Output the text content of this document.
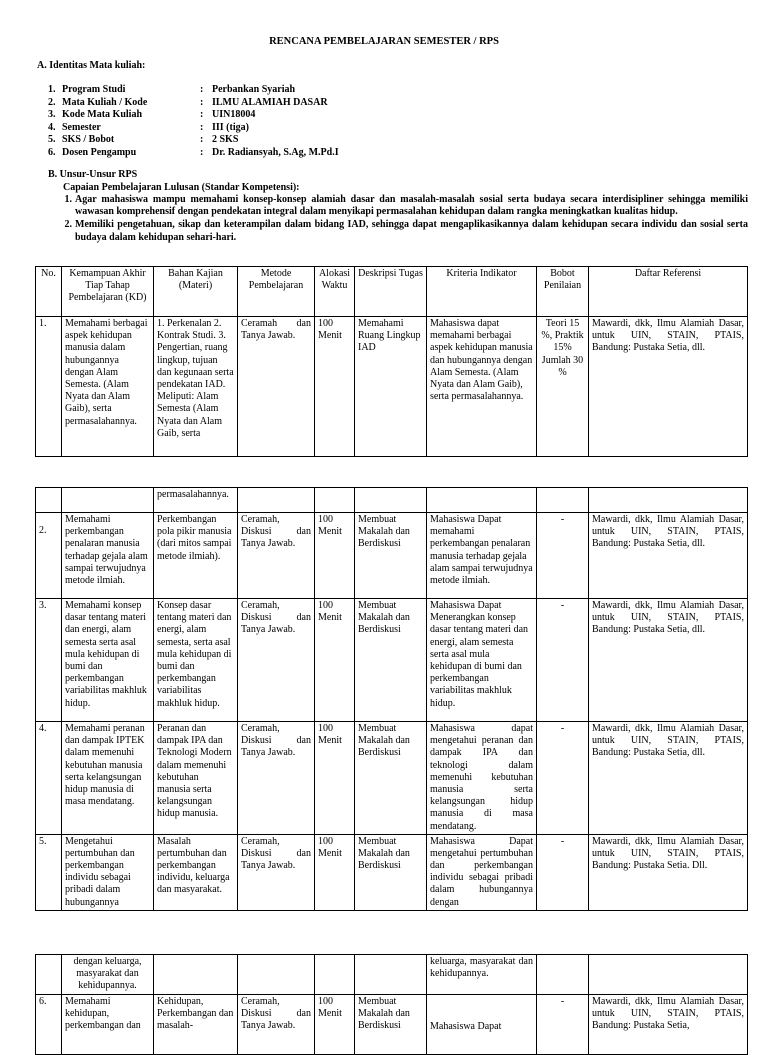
RENCANA PEMBELAJARAN SEMESTER / RPS
A. Identitas Mata kuliah:
1. Program Studi	: Perbankan Syariah
2. Mata Kuliah / Kode	: ILMU ALAMIAH DASAR
3. Kode Mata Kuliah	: UIN18004
4. Semester	: III (tiga)
5. SKS / Bobot	: 2 SKS
6. Dosen Pengampu	: Dr. Radiansyah, S.Ag, M.Pd.I
B. Unsur-Unsur RPS
Capaian Pembelajaran Lulusan (Standar Kompetensi):
1. Agar mahasiswa mampu memahami konsep-konsep alamiah dasar dan masalah-masalah sosial serta budaya secara interdisipliner sehingga memiliki wawasan komprehensif dengan pendekatan integral dalam menyikapi permasalahan kehidupan dalam rangka meningkatkan kualitas hidup.
2. Memiliki pengetahuan, sikap dan keterampilan dalam bidang IAD, sehingga dapat mengaplikasikannya dalam kehidupan secara individu dan sosial serta budaya dalam kehidupan sehari-hari.
No.	Kemampuan Akhir Tiap Tahap Pembelajaran (KD)	Bahan Kajian (Materi)	Metode Pembelajaran	Alokasi Waktu	Deskripsi Tugas	Kriteria Indikator	Bobot Penilaian	Daftar Referensi
1.	Memahami berbagai aspek kehidupan manusia dalam hubungannya dengan Alam Semesta. (Alam Nyata dan Alam Gaib), serta permasalahannya.	1. Perkenalan 2. Kontrak Studi. 3. Pengertian, ruang lingkup, tujuan dan kegunaan serta pendekatan IAD. Meliputi: Alam Semesta (Alam Nyata dan Alam Gaib, serta	Ceramah dan Tanya Jawab.	100 Menit	Memahami Ruang Lingkup IAD	Mahasiswa dapat memahami berbagai aspek kehidupan manusia dan hubungannya dengan Alam Semesta. (Alam Nyata dan Alam Gaib), serta permasalahannya.	Teori 15 %, Praktik 15% Jumlah 30 %	Mawardi, dkk, Ilmu Alamiah Dasar, untuk UIN, STAIN, PTAIS, Bandung: Pustaka Setia, dll.
		permasalahannya.						

2.	Memahami perkembangan penalaran manusia terhadap gejala alam sampai terwujudnya metode ilmiah.	Perkembangan pola pikir manusia (dari mitos sampai metode ilmiah).	Ceramah, Diskusi dan Tanya Jawab.	100 Menit	Membuat Makalah dan Berdiskusi	Mahasiswa Dapat memahami perkembangan penalaran manusia terhadap gejala alam sampai terwujudnya metode ilmiah.	-	Mawardi, dkk, Ilmu Alamiah Dasar, untuk UIN, STAIN, PTAIS, Bandung: Pustaka Setia, dll.
3.	Memahami konsep dasar tentang materi dan energi, alam semesta serta asal mula kehidupan di bumi dan perkembangan variabilitas makhluk hidup.	Konsep dasar tentang materi dan energi, alam semesta, serta asal mula kehidupan di bumi dan perkembangan variabilitas makhluk hidup.	Ceramah, Diskusi dan Tanya Jawab.	100 Menit	Membuat Makalah dan Berdiskusi	Mahasiswa Dapat Menerangkan konsep dasar tentang materi dan energi, alam semesta serta asal mula kehidupan di bumi dan perkembangan variabilitas makhluk hidup.	-	Mawardi, dkk, Ilmu Alamiah Dasar, untuk UIN, STAIN, PTAIS, Bandung: Pustaka Setia, dll.
4.	Memahami peranan dan dampak IPTEK dalam memenuhi kebutuhan manusia serta kelangsungan hidup manusia di masa mendatang.	Peranan dan dampak IPA dan Teknologi Modern dalam memenuhi kebutuhan manusia serta kelangsungan hidup manusia.	Ceramah, Diskusi dan Tanya Jawab.	100 Menit	Membuat Makalah dan Berdiskusi	Mahasiswa dapat mengetahui peranan dan dampak IPA dan teknologi dalam memenuhi kebutuhan manusia serta kelangsungan hidup manusia di masa mendatang.	-	Mawardi, dkk, Ilmu Alamiah Dasar, untuk UIN, STAIN, PTAIS, Bandung: Pustaka Setia, dll.
5.	Mengetahui pertumbuhan dan perkembangan individu sebagai pribadi dalam hubungannya	Masalah pertumbuhan dan perkembangan individu, keluarga dan masyarakat.	Ceramah, Diskusi dan Tanya Jawab.	100 Menit	Membuat Makalah dan Berdiskusi	Mahasiswa Dapat mengetahui pertumbuhan dan perkembangan individu sebagai pribadi dalam hubungannya dengan	-	Mawardi, dkk, Ilmu Alamiah Dasar, untuk UIN, STAIN, PTAIS, Bandung: Pustaka Setia. Dll.
	dengan keluarga, masyarakat dan kehidupannya.					keluarga, masyarakat dan kehidupannya.		
6.	Memahami kehidupan, perkembangan dan	Kehidupan, Perkembangan dan masalah-	Ceramah, Diskusi dan Tanya Jawab.	100 Menit	Membuat Makalah dan Berdiskusi	Mahasiswa Dapat	-	Mawardi, dkk, Ilmu Alamiah Dasar, untuk UIN, STAIN, PTAIS, Bandung: Pustaka Setia,
